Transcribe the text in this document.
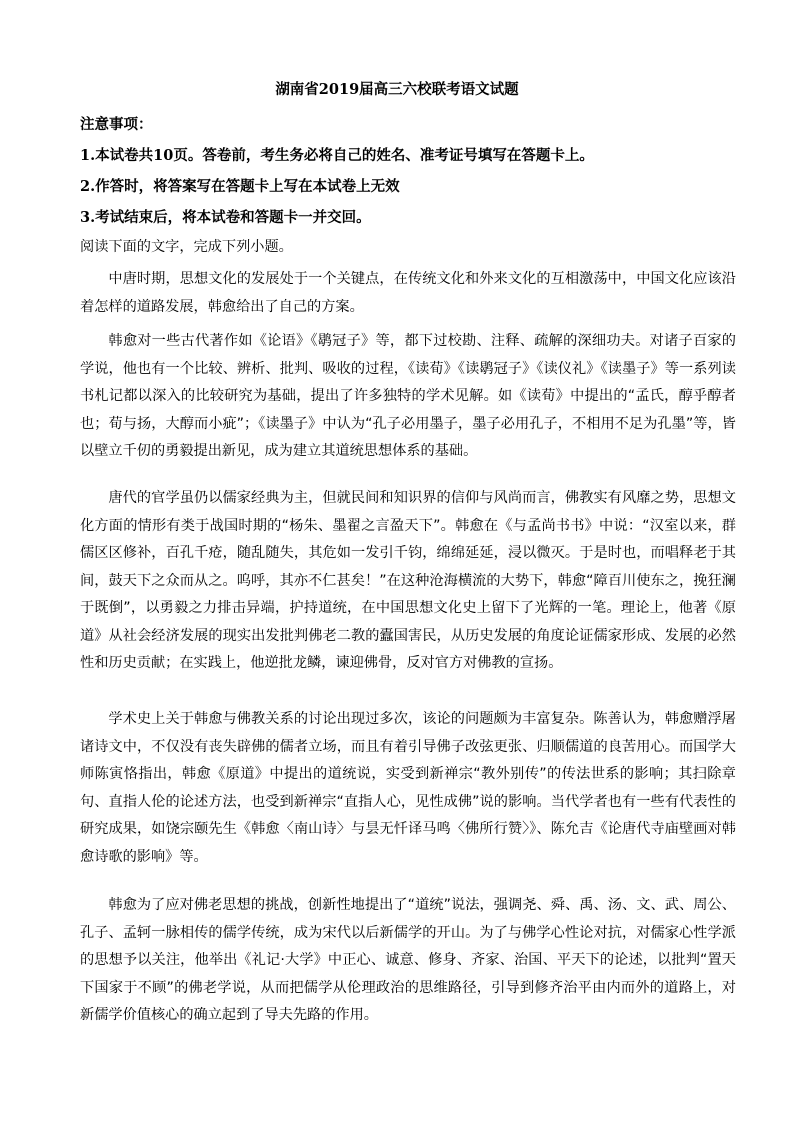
湖南省2019届高三六校联考语文试题
注意事项：
1.本试卷共10页。答卷前，考生务必将自己的姓名、准考证号填写在答题卡上。
2.作答时，将答案写在答题卡上写在本试卷上无效
3.考试结束后，将本试卷和答题卡一并交回。
阅读下面的文字，完成下列小题。
中唐时期，思想文化的发展处于一个关键点，在传统文化和外来文化的互相激荡中，中国文化应该沿着怎样的道路发展，韩愈给出了自己的方案。
韩愈对一些古代著作如《论语》《鹖冠子》等，都下过校勘、注释、疏解的深细功夫。对诸子百家的学说，他也有一个比较、辨析、批判、吸收的过程，《读荀》《读鹖冠子》《读仪礼》《读墨子》等一系列读书札记都以深入的比较研究为基础，提出了许多独特的学术见解。如《读荀》中提出的“孟氏，醇乎醇者也；荀与扬，大醇而小疵”；《读墨子》中认为“孔子必用墨子，墨子必用孔子，不相用不足为孔墨”等，皆以壁立千仞的勇毅提出新见，成为建立其道统思想体系的基础。
唐代的官学虽仍以儒家经典为主，但就民间和知识界的信仰与风尚而言，佛教实有风靡之势，思想文化方面的情形有类于战国时期的“杨朱、墨翟之言盈天下”。韩愈在《与孟尚书书》中说：“汉室以来，群儒区区修补，百孔千疮，随乱随失，其危如一发引千钧，绵绵延延，浸以微灭。于是时也，而唱释老于其间，鼓天下之众而从之。呜呼，其亦不仁甚矣！”在这种沧海横流的大势下，韩愈“障百川使东之，挽狂澜于既倒”，以勇毅之力排击异端，护持道统，在中国思想文化史上留下了光辉的一笔。理论上，他著《原道》从社会经济发展的现实出发批判佛老二教的蠹国害民，从历史发展的角度论证儒家形成、发展的必然性和历史贡献；在实践上，他逆批龙鳞，谏迎佛骨，反对官方对佛教的宣扬。
学术史上关于韩愈与佛教关系的讨论出现过多次，该论的问题颇为丰富复杂。陈善认为，韩愈赠浮屠诸诗文中，不仅没有丧失辟佛的儒者立场，而且有着引导佛子改弦更张、归顺儒道的良苦用心。而国学大师陈寅恪指出，韩愈《原道》中提出的道统说，实受到新禅宗“教外别传”的传法世系的影响；其扫除章句、直指人伦的论述方法，也受到新禅宗“直指人心，见性成佛”说的影响。当代学者也有一些有代表性的研究成果，如饶宗颐先生《韩愈〈南山诗〉与昙无忏译马鸣〈佛所行赞〉》、陈允吉《论唐代寺庙壁画对韩愈诗歌的影响》等。
韩愈为了应对佛老思想的挑战，创新性地提出了“道统”说法，强调尧、舜、禹、汤、文、武、周公、孔子、孟轲一脉相传的儒学传统，成为宋代以后新儒学的开山。为了与佛学心性论对抗，对儒家心性学派的思想予以关注，他举出《礼记·大学》中正心、诚意、修身、齐家、治国、平天下的论述，以批判“置天下国家于不顾”的佛老学说，从而把儒学从伦理政治的思维路径，引导到修齐治平由内而外的道路上，对新儒学价值核心的确立起到了导夫先路的作用。
